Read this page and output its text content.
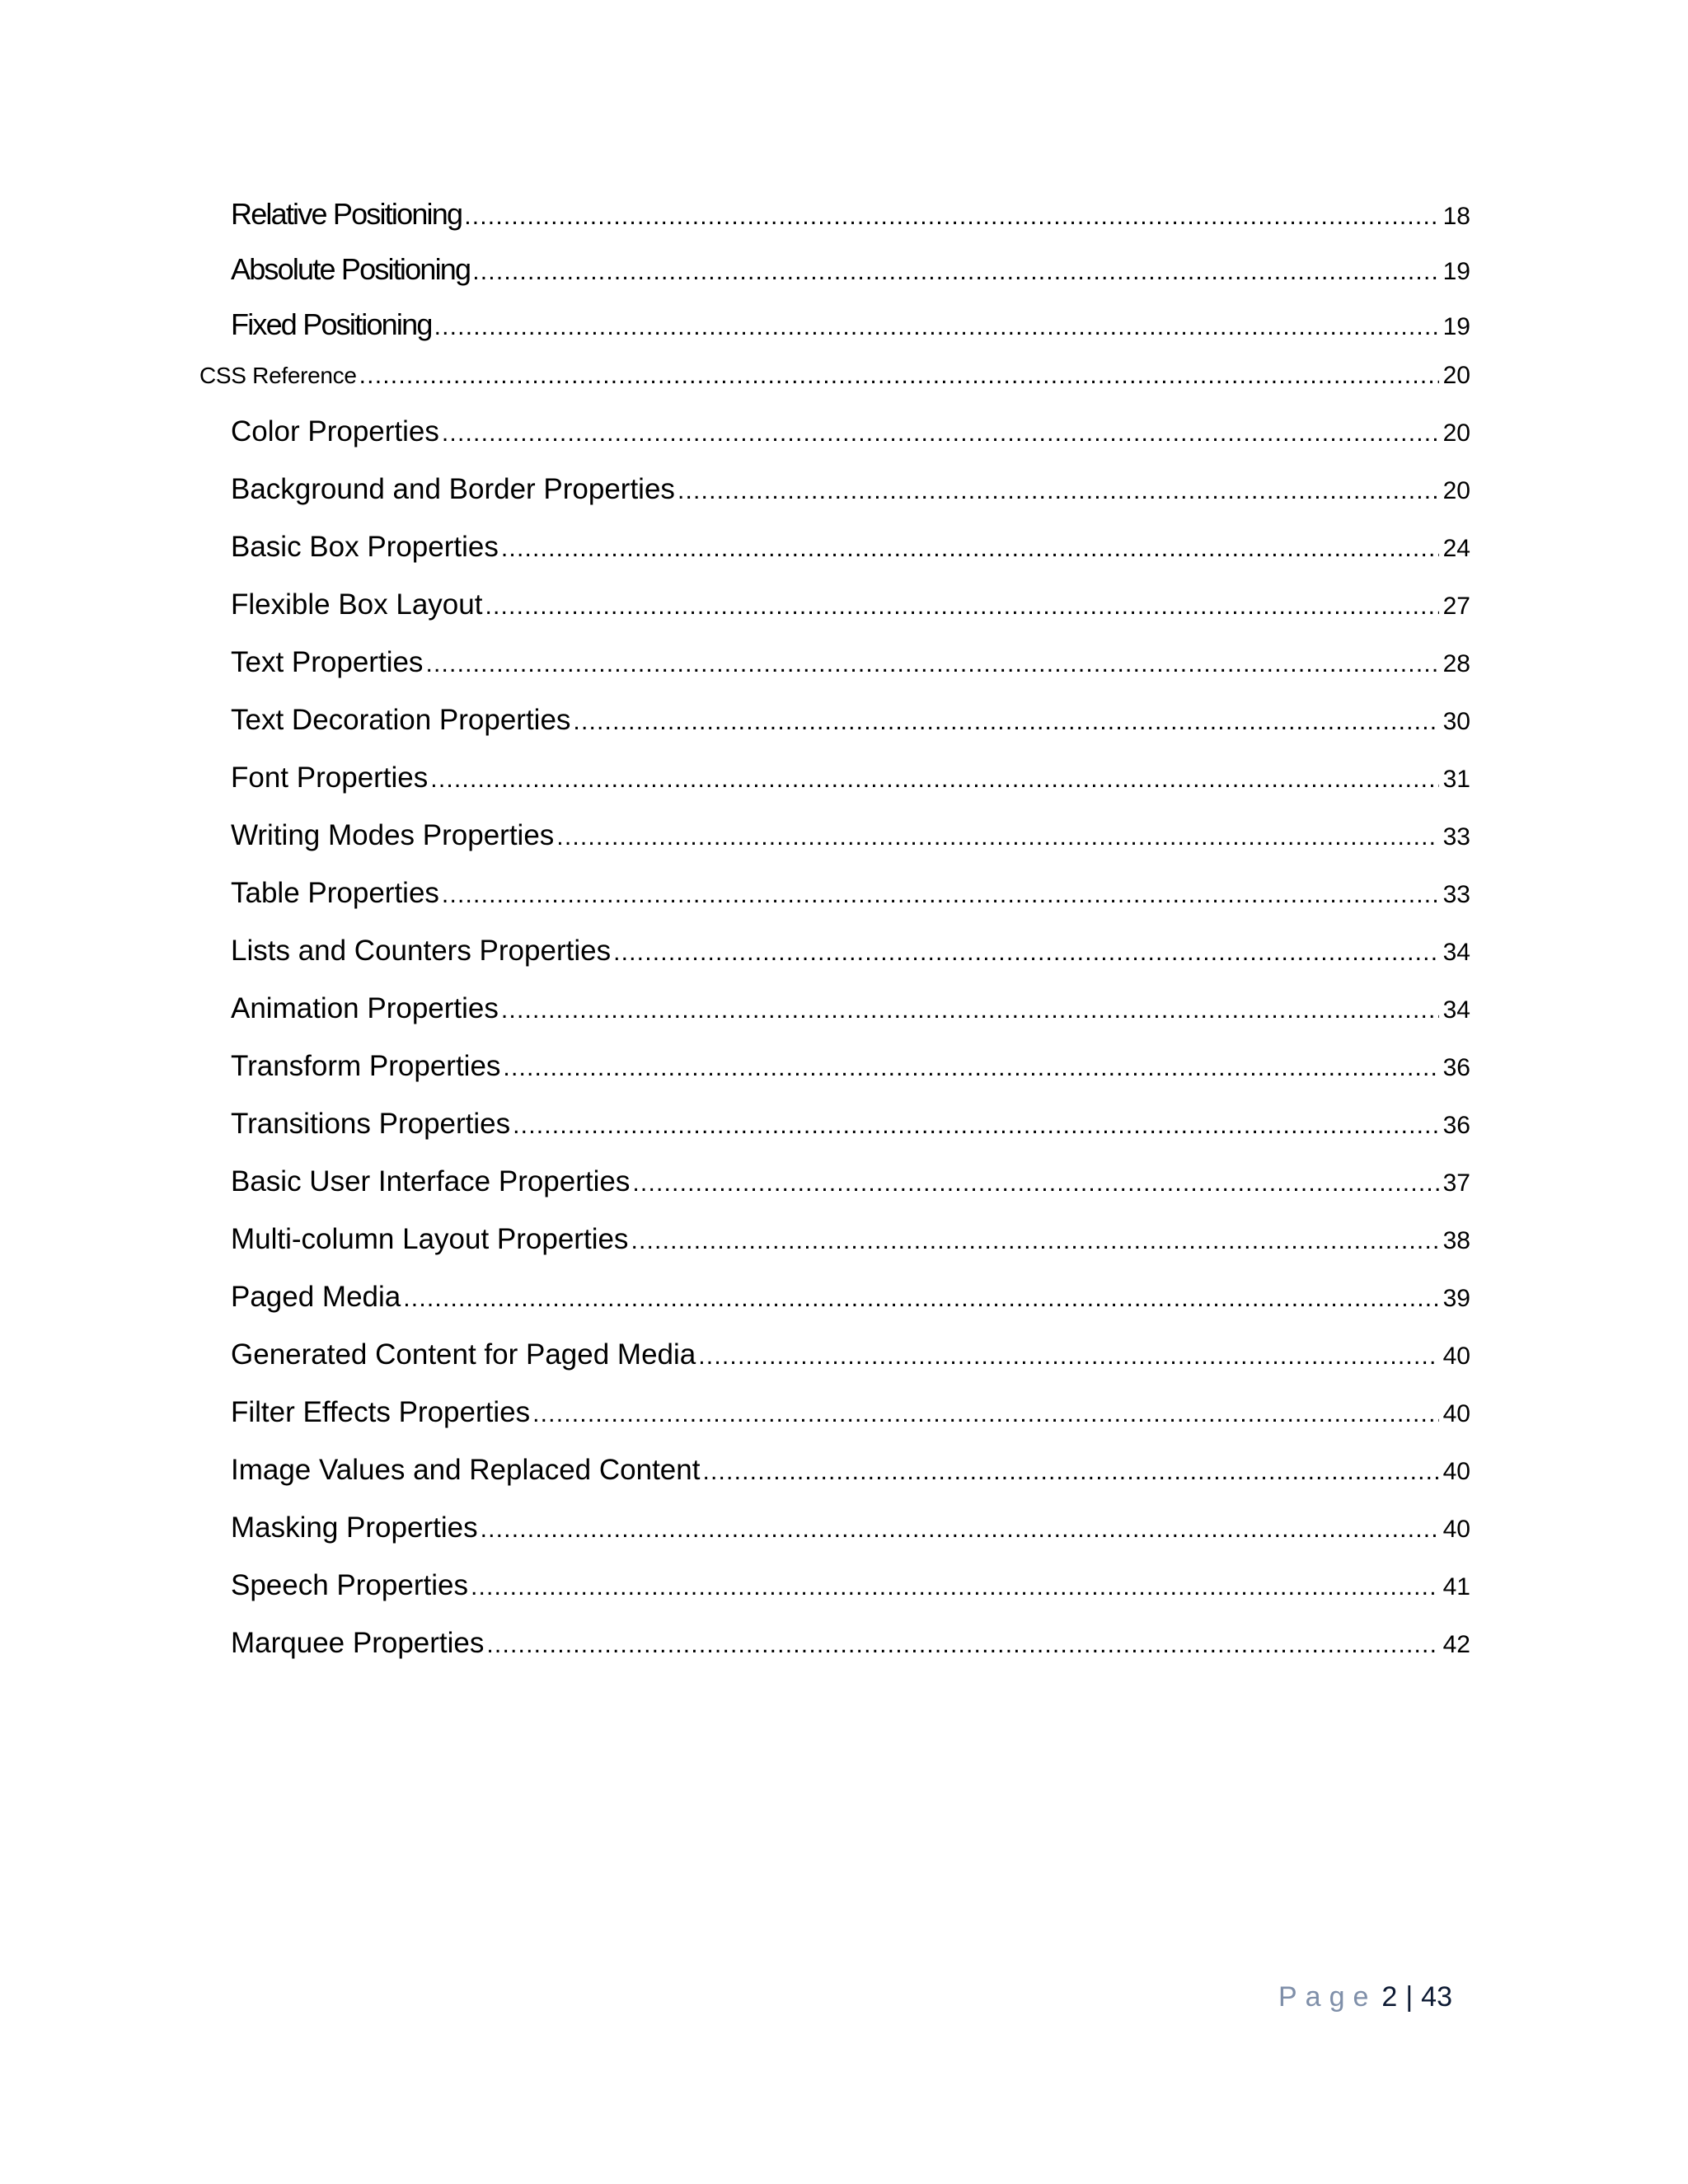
Relative Positioning .....	18
Absolute Positioning .....	19
Fixed Positioning .....	19
CSS Reference .....	20
Color Properties .....	20
Background and Border Properties .....	20
Basic Box Properties .....	24
Flexible Box Layout .....	27
Text Properties .....	28
Text Decoration Properties .....	30
Font Properties .....	31
Writing Modes Properties .....	33
Table Properties .....	33
Lists and Counters Properties .....	34
Animation Properties .....	34
Transform Properties .....	36
Transitions Properties .....	36
Basic User Interface Properties .....	37
Multi-column Layout Properties .....	38
Paged Media .....	39
Generated Content for Paged Media .....	40
Filter Effects Properties .....	40
Image Values and Replaced Content .....	40
Masking Properties .....	40
Speech Properties .....	41
Marquee Properties .....	42
Page 2 | 43
